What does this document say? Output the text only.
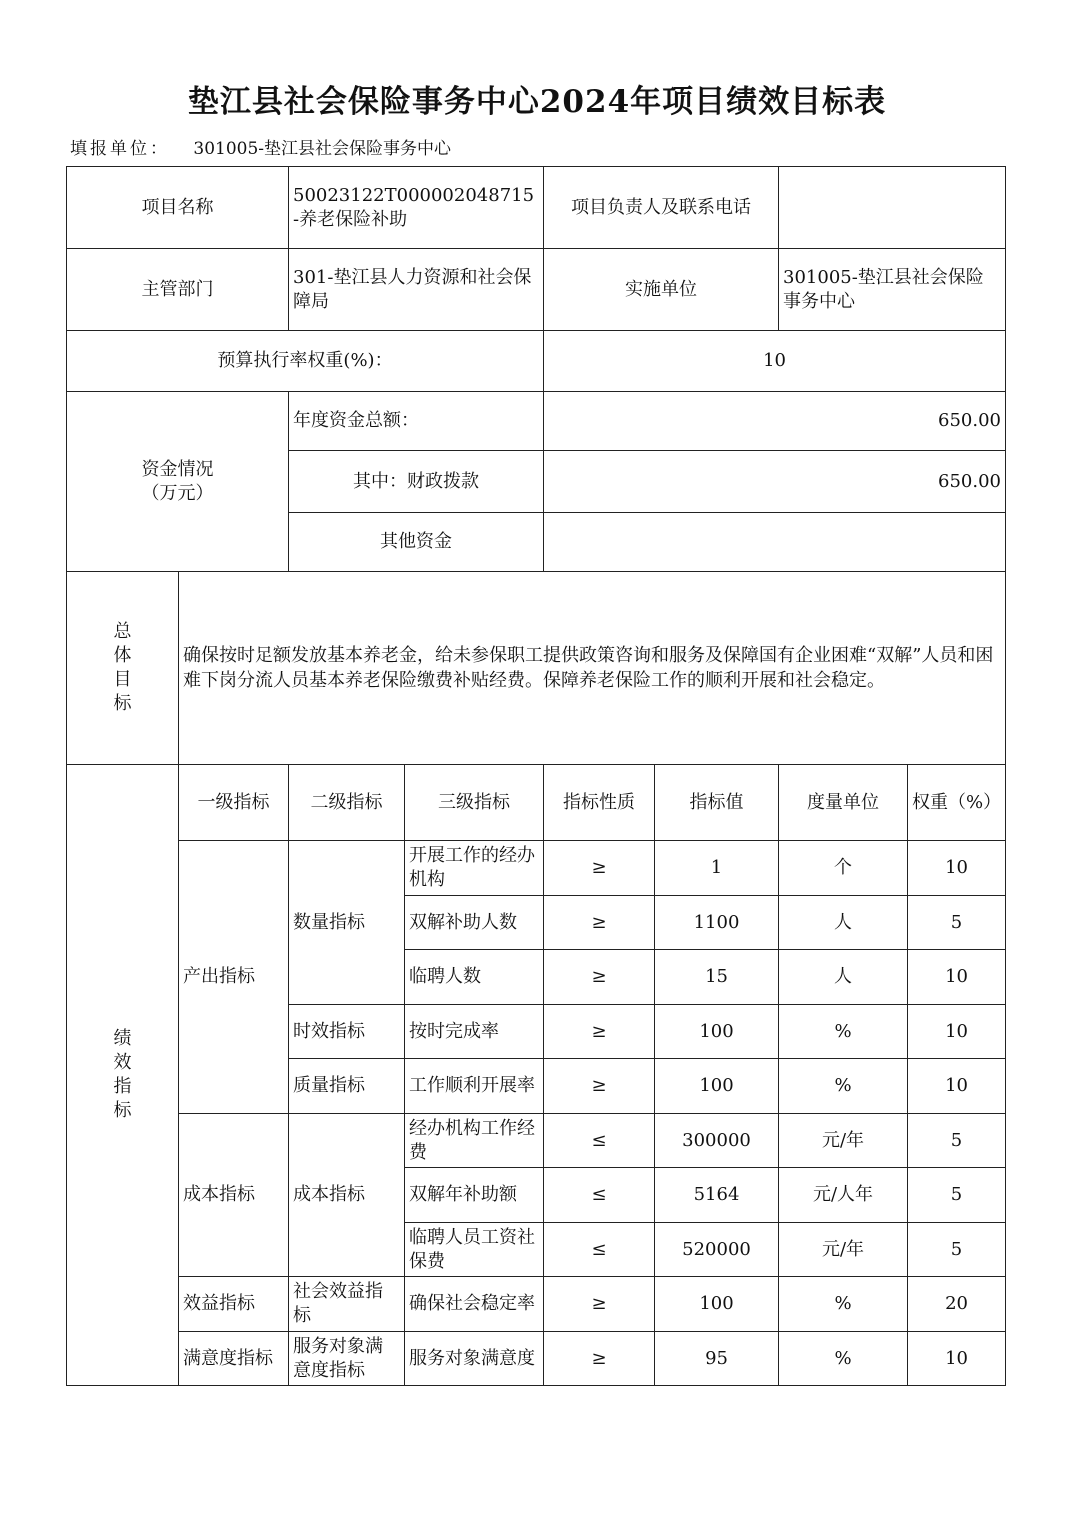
垫江县社会保险事务中心2024年项目绩效目标表
填报单位： 301005-垫江县社会保险事务中心
项目名称		50023122T000002048715-养老保险补助		项目负责人及联系电话			
主管部门		301-垫江县人力资源和社会保障局		实施单位		301005-垫江县社会保险事务中心	
预算执行率权重(%)：				10			
资金情况
（万元）		年度资金总额：		650.00			
		其中：财政拨款		650.00			
		其他资金					
总
体
目
标	确保按时足额发放基本养老金，给未参保职工提供政策咨询和服务及保障国有企业困难“双解”人员和困难下岗分流人员基本养老保险缴费补贴经费。保障养老保险工作的顺利开展和社会稳定。						
绩
效
指
标	一级指标	二级指标	三级指标	指标性质	指标值	度量单位	权重（%）
	产出指标	数量指标	开展工作的经办机构	≥	1	个	10
			双解补助人数	≥	1100	人	5
			临聘人数	≥	15	人	10
		时效指标	按时完成率	≥	100	%	10
		质量指标	工作顺利开展率	≥	100	%	10
	成本指标	成本指标	经办机构工作经费	≤	300000	元/年	5
			双解年补助额	≤	5164	元/人年	5
			临聘人员工资社保费	≤	520000	元/年	5
	效益指标	社会效益指标	确保社会稳定率	≥	100	%	20
	满意度指标	服务对象满意度指标	服务对象满意度	≥	95	%	10
